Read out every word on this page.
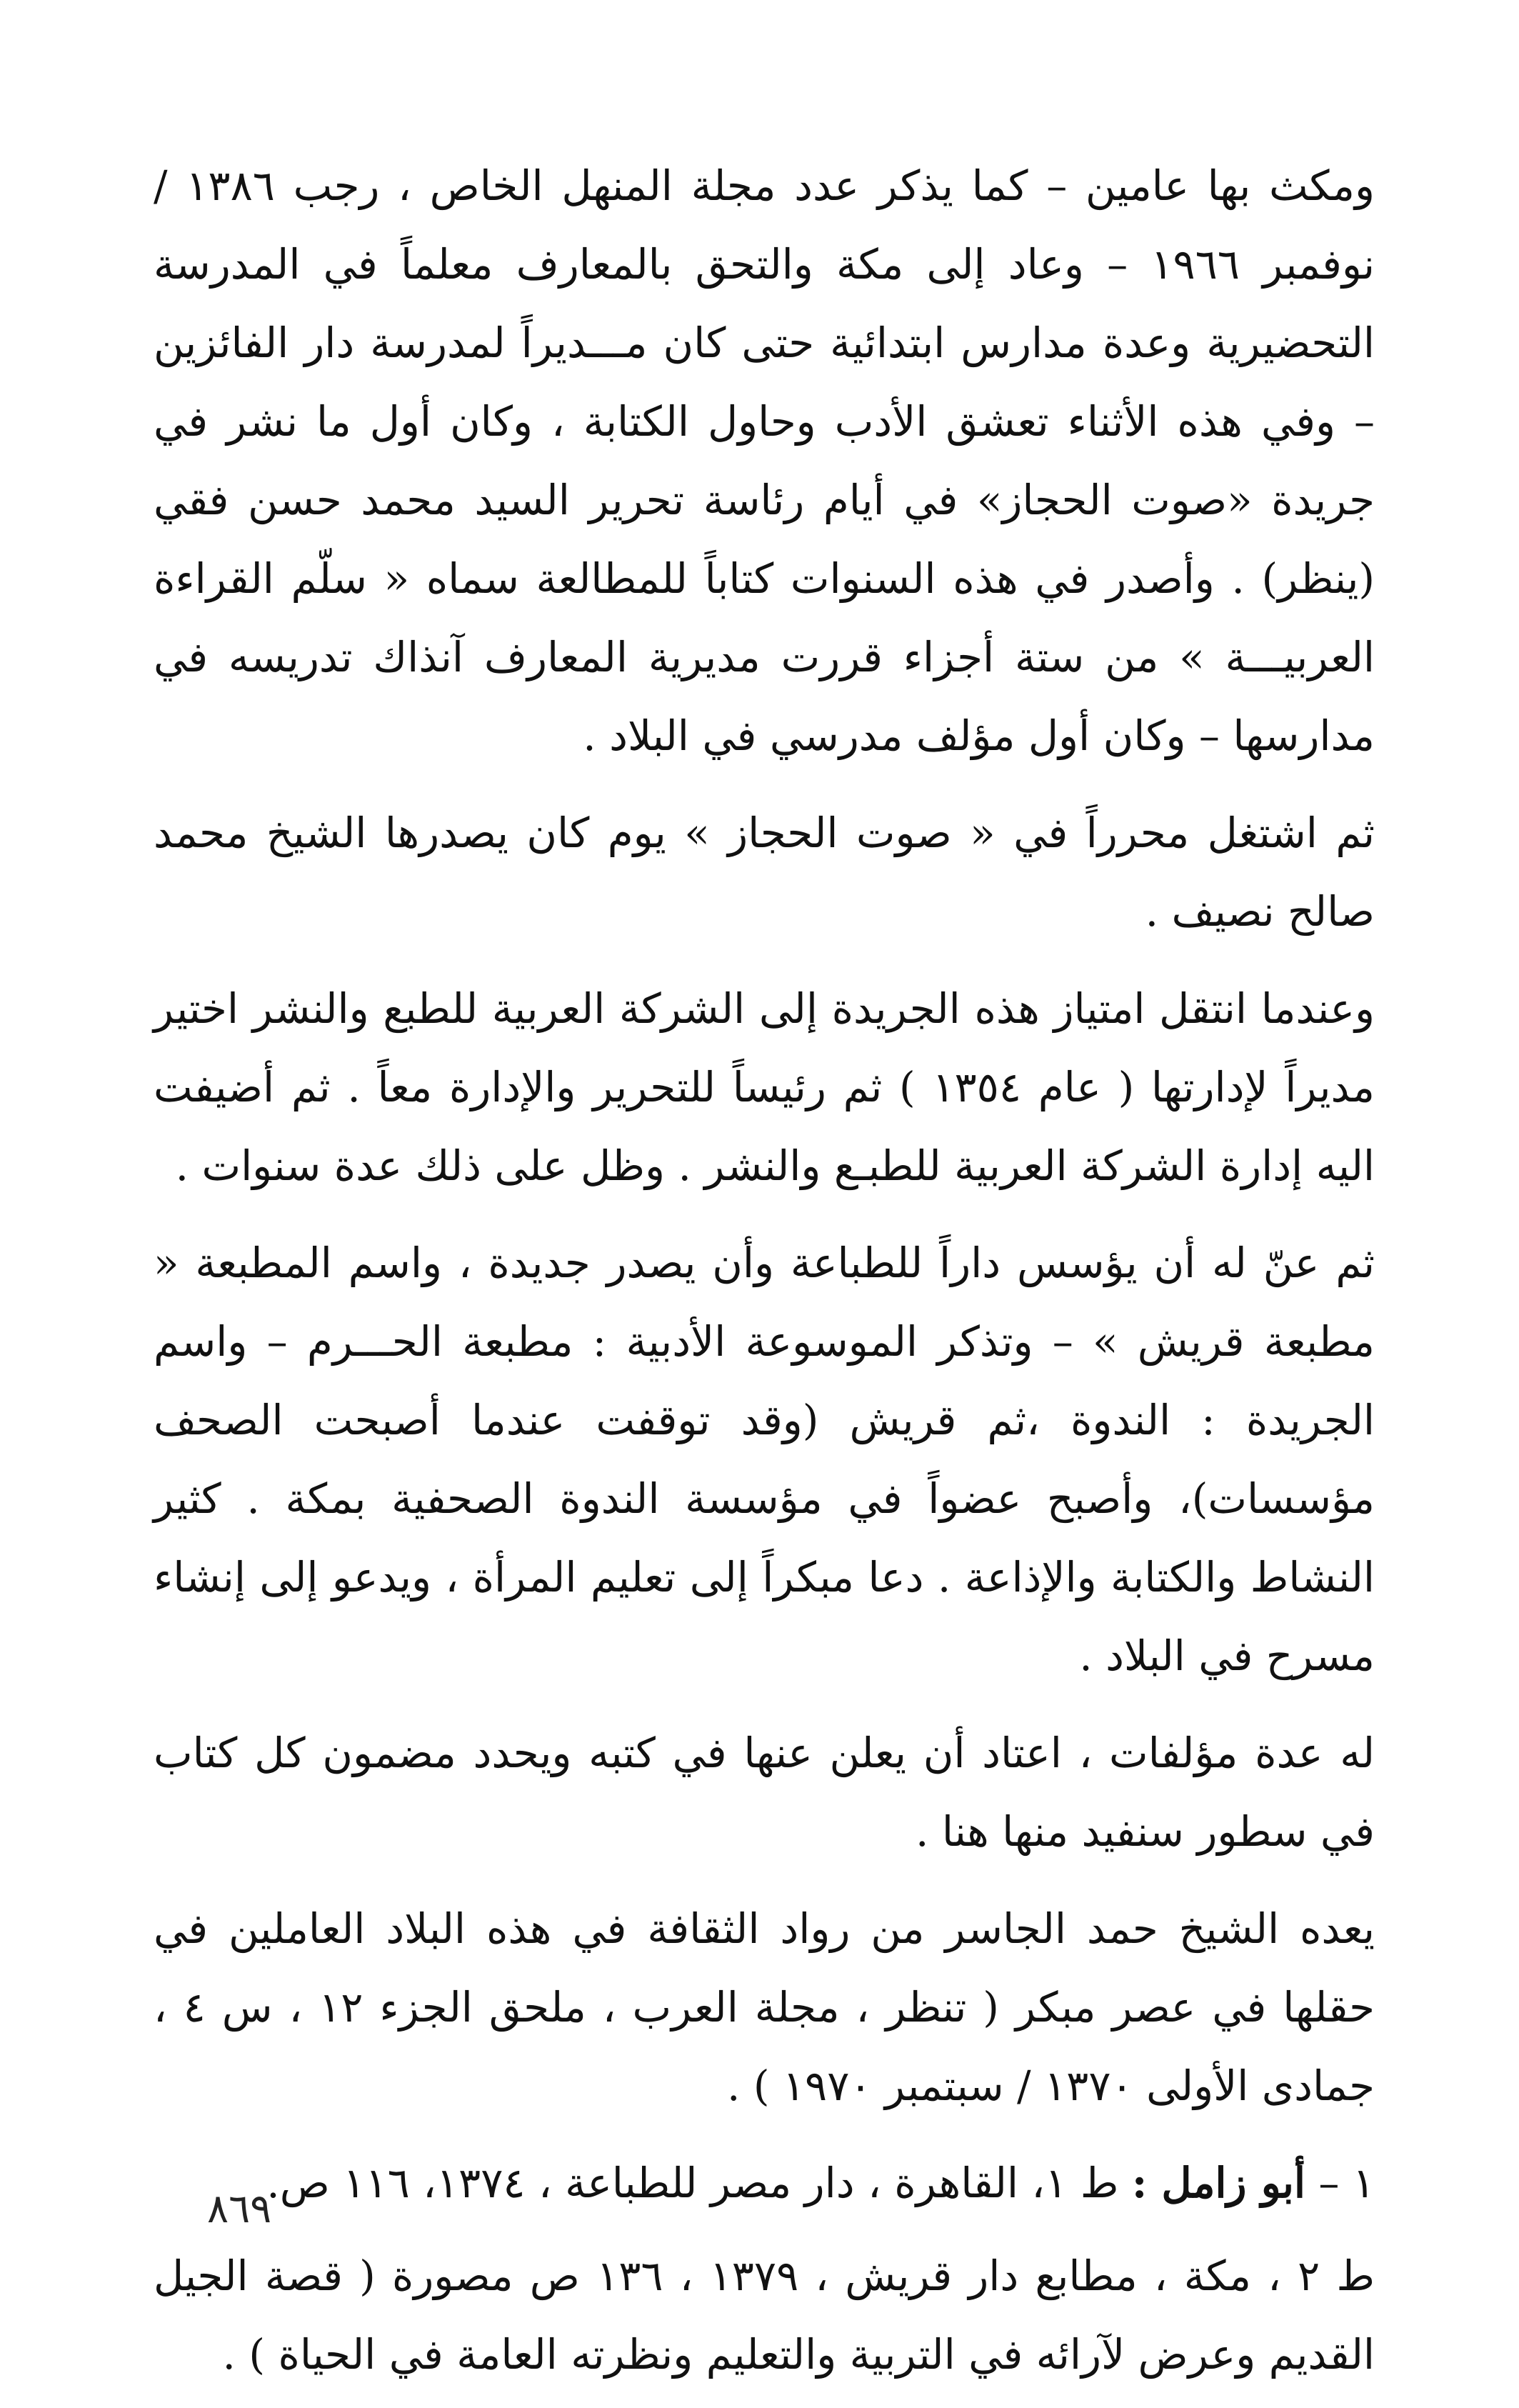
ومكث بها عامين – كما يذكر عدد مجلة المنهل الخاص ، رجب ١٣٨٦ / نوفمبر ١٩٦٦ – وعاد إلى مكة والتحق بالمعارف معلماً في المدرسة التحضيرية وعدة مدارس ابتدائية حتى كان مـــديراً لمدرسة دار الفائزين – وفي هذه الأثناء تعشق الأدب وحاول الكتابة ، وكان أول ما نشر في جريدة «صوت الحجاز» في أيام رئاسة تحرير السيد محمد حسن فقي (ينظر) . وأصدر في هذه السنوات كتاباً للمطالعة سماه « سلّم القراءة العربيـــة » من ستة أجزاء قررت مديرية المعارف آنذاك تدريسه في مدارسها – وكان أول مؤلف مدرسي في البلاد .

ثم اشتغل محرراً في « صوت الحجاز » يوم كان يصدرها الشيخ محمد صالح نصيف .

وعندما انتقل امتياز هذه الجريدة إلى الشركة العربية للطبع والنشر اختير مديراً لإدارتها ( عام ١٣٥٤ ) ثم رئيساً للتحرير والإدارة معاً . ثم أضيفت اليه إدارة الشركة العربية للطبـع والنشر . وظل على ذلك عدة سنوات .

ثم عنّ له أن يؤسس داراً للطباعة وأن يصدر جديدة ، واسم المطبعة « مطبعة قريش » – وتذكر الموسوعة الأدبية : مطبعة الحـــرم – واسم الجريدة : الندوة ،ثم قريش (وقد توقفت عندما أصبحت الصحف مؤسسات)، وأصبح عضواً في مؤسسة الندوة الصحفية بمكة . كثير النشاط والكتابة والإذاعة . دعا مبكراً إلى تعليم المرأة ، ويدعو إلى إنشاء مسرح في البلاد .

له عدة مؤلفات ، اعتاد أن يعلن عنها في كتبه ويحدد مضمون كل كتاب في سطور سنفيد منها هنا .

يعده الشيخ حمد الجاسر من رواد الثقافة في هذه البلاد العاملين في حقلها في عصر مبكر ( تنظر ، مجلة العرب ، ملحق الجزء ١٢ ، س ٤ ، جمادى الأولى ١٣٧٠ / سبتمبر ١٩٧٠ ) .

١ – أبو زامل : ط ١، القاهرة ، دار مصر للطباعة ، ١٣٧٤، ١١٦ ص.

ط ٢ ، مكة ، مطابع دار قريش ، ١٣٧٩ ، ١٣٦ ص مصورة ( قصة الجيل القديم وعرض لآرائه في التربية والتعليم ونظرته العامة في الحياة ) .

٨٦٩
